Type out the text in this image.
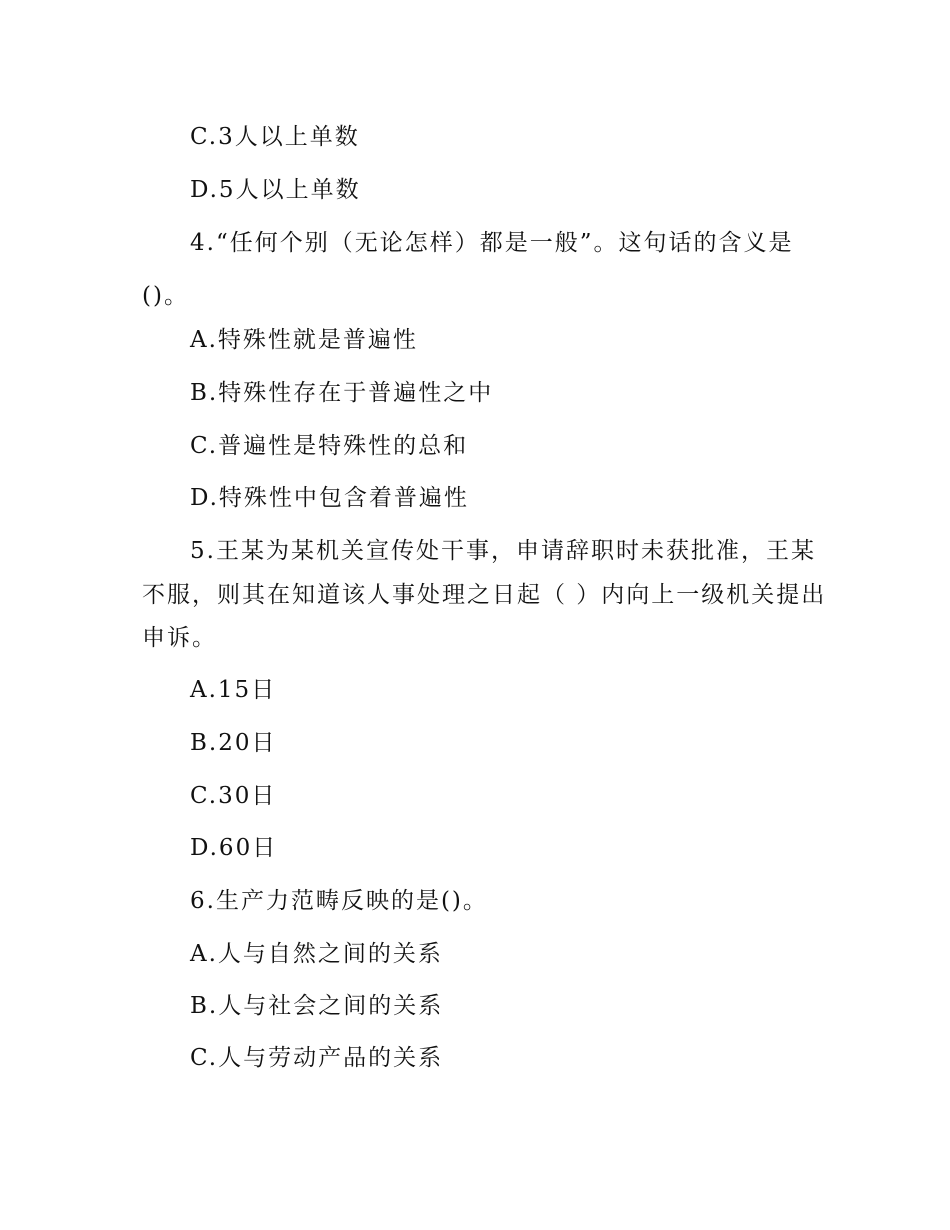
C.3人以上单数
D.5人以上单数
4.“任何个别（无论怎样）都是一般”。这句话的含义是
()。
A.特殊性就是普遍性
B.特殊性存在于普遍性之中
C.普遍性是特殊性的总和
D.特殊性中包含着普遍性
5.王某为某机关宣传处干事，申请辞职时未获批准，王某
不服，则其在知道该人事处理之日起（ ）内向上一级机关提出
申诉。
A.15日
B.20日
C.30日
D.60日
6.生产力范畴反映的是()。
A.人与自然之间的关系
B.人与社会之间的关系
C.人与劳动产品的关系
